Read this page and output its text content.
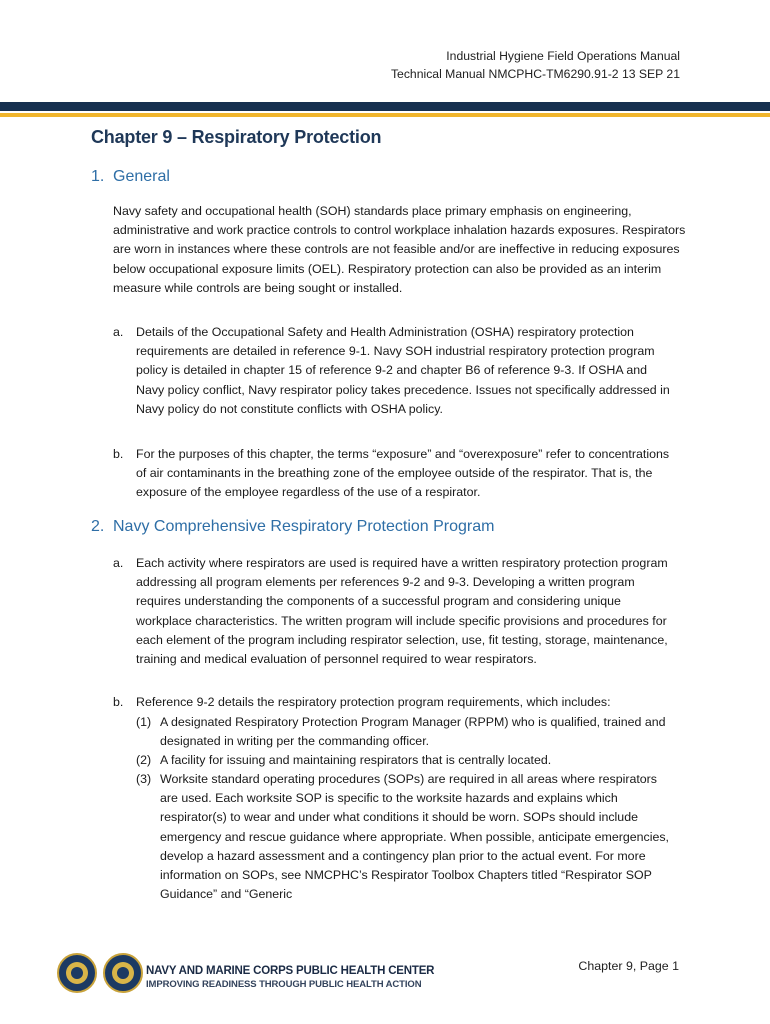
Industrial Hygiene Field Operations Manual
Technical Manual NMCPHC-TM6290.91-2 13 SEP 21
Chapter 9 – Respiratory Protection
1. General

Navy safety and occupational health (SOH) standards place primary emphasis on engineering, administrative and work practice controls to control workplace inhalation hazards exposures. Respirators are worn in instances where these controls are not feasible and/or are ineffective in reducing exposures below occupational exposure limits (OEL). Respiratory protection can also be provided as an interim measure while controls are being sought or installed.

a. Details of the Occupational Safety and Health Administration (OSHA) respiratory protection requirements are detailed in reference 9-1. Navy SOH industrial respiratory protection program policy is detailed in chapter 15 of reference 9-2 and chapter B6 of reference 9-3. If OSHA and Navy policy conflict, Navy respirator policy takes precedence. Issues not specifically addressed in Navy policy do not constitute conflicts with OSHA policy.
b. For the purposes of this chapter, the terms “exposure” and “overexposure” refer to concentrations of air contaminants in the breathing zone of the employee outside of the respirator. That is, the exposure of the employee regardless of the use of a respirator.
2. Navy Comprehensive Respiratory Protection Program
a. Each activity where respirators are used is required have a written respiratory protection program addressing all program elements per references 9-2 and 9-3. Developing a written program requires understanding the components of a successful program and considering unique workplace characteristics. The written program will include specific provisions and procedures for each element of the program including respirator selection, use, fit testing, storage, maintenance, training and medical evaluation of personnel required to wear respirators.
b. Reference 9-2 details the respiratory protection program requirements, which includes:
(1) A designated Respiratory Protection Program Manager (RPPM) who is qualified, trained and designated in writing per the commanding officer.
(2) A facility for issuing and maintaining respirators that is centrally located.
(3) Worksite standard operating procedures (SOPs) are required in all areas where respirators are used. Each worksite SOP is specific to the worksite hazards and explains which respirator(s) to wear and under what conditions it should be worn. SOPs should include emergency and rescue guidance where appropriate. When possible, anticipate emergencies, develop a hazard assessment and a contingency plan prior to the actual event. For more information on SOPs, see NMCPHC’s Respirator Toolbox Chapters titled “Respirator SOP Guidance” and “Generic
NAVY AND MARINE CORPS PUBLIC HEALTH CENTER
IMPROVING READINESS THROUGH PUBLIC HEALTH ACTION
Chapter 9, Page 1
